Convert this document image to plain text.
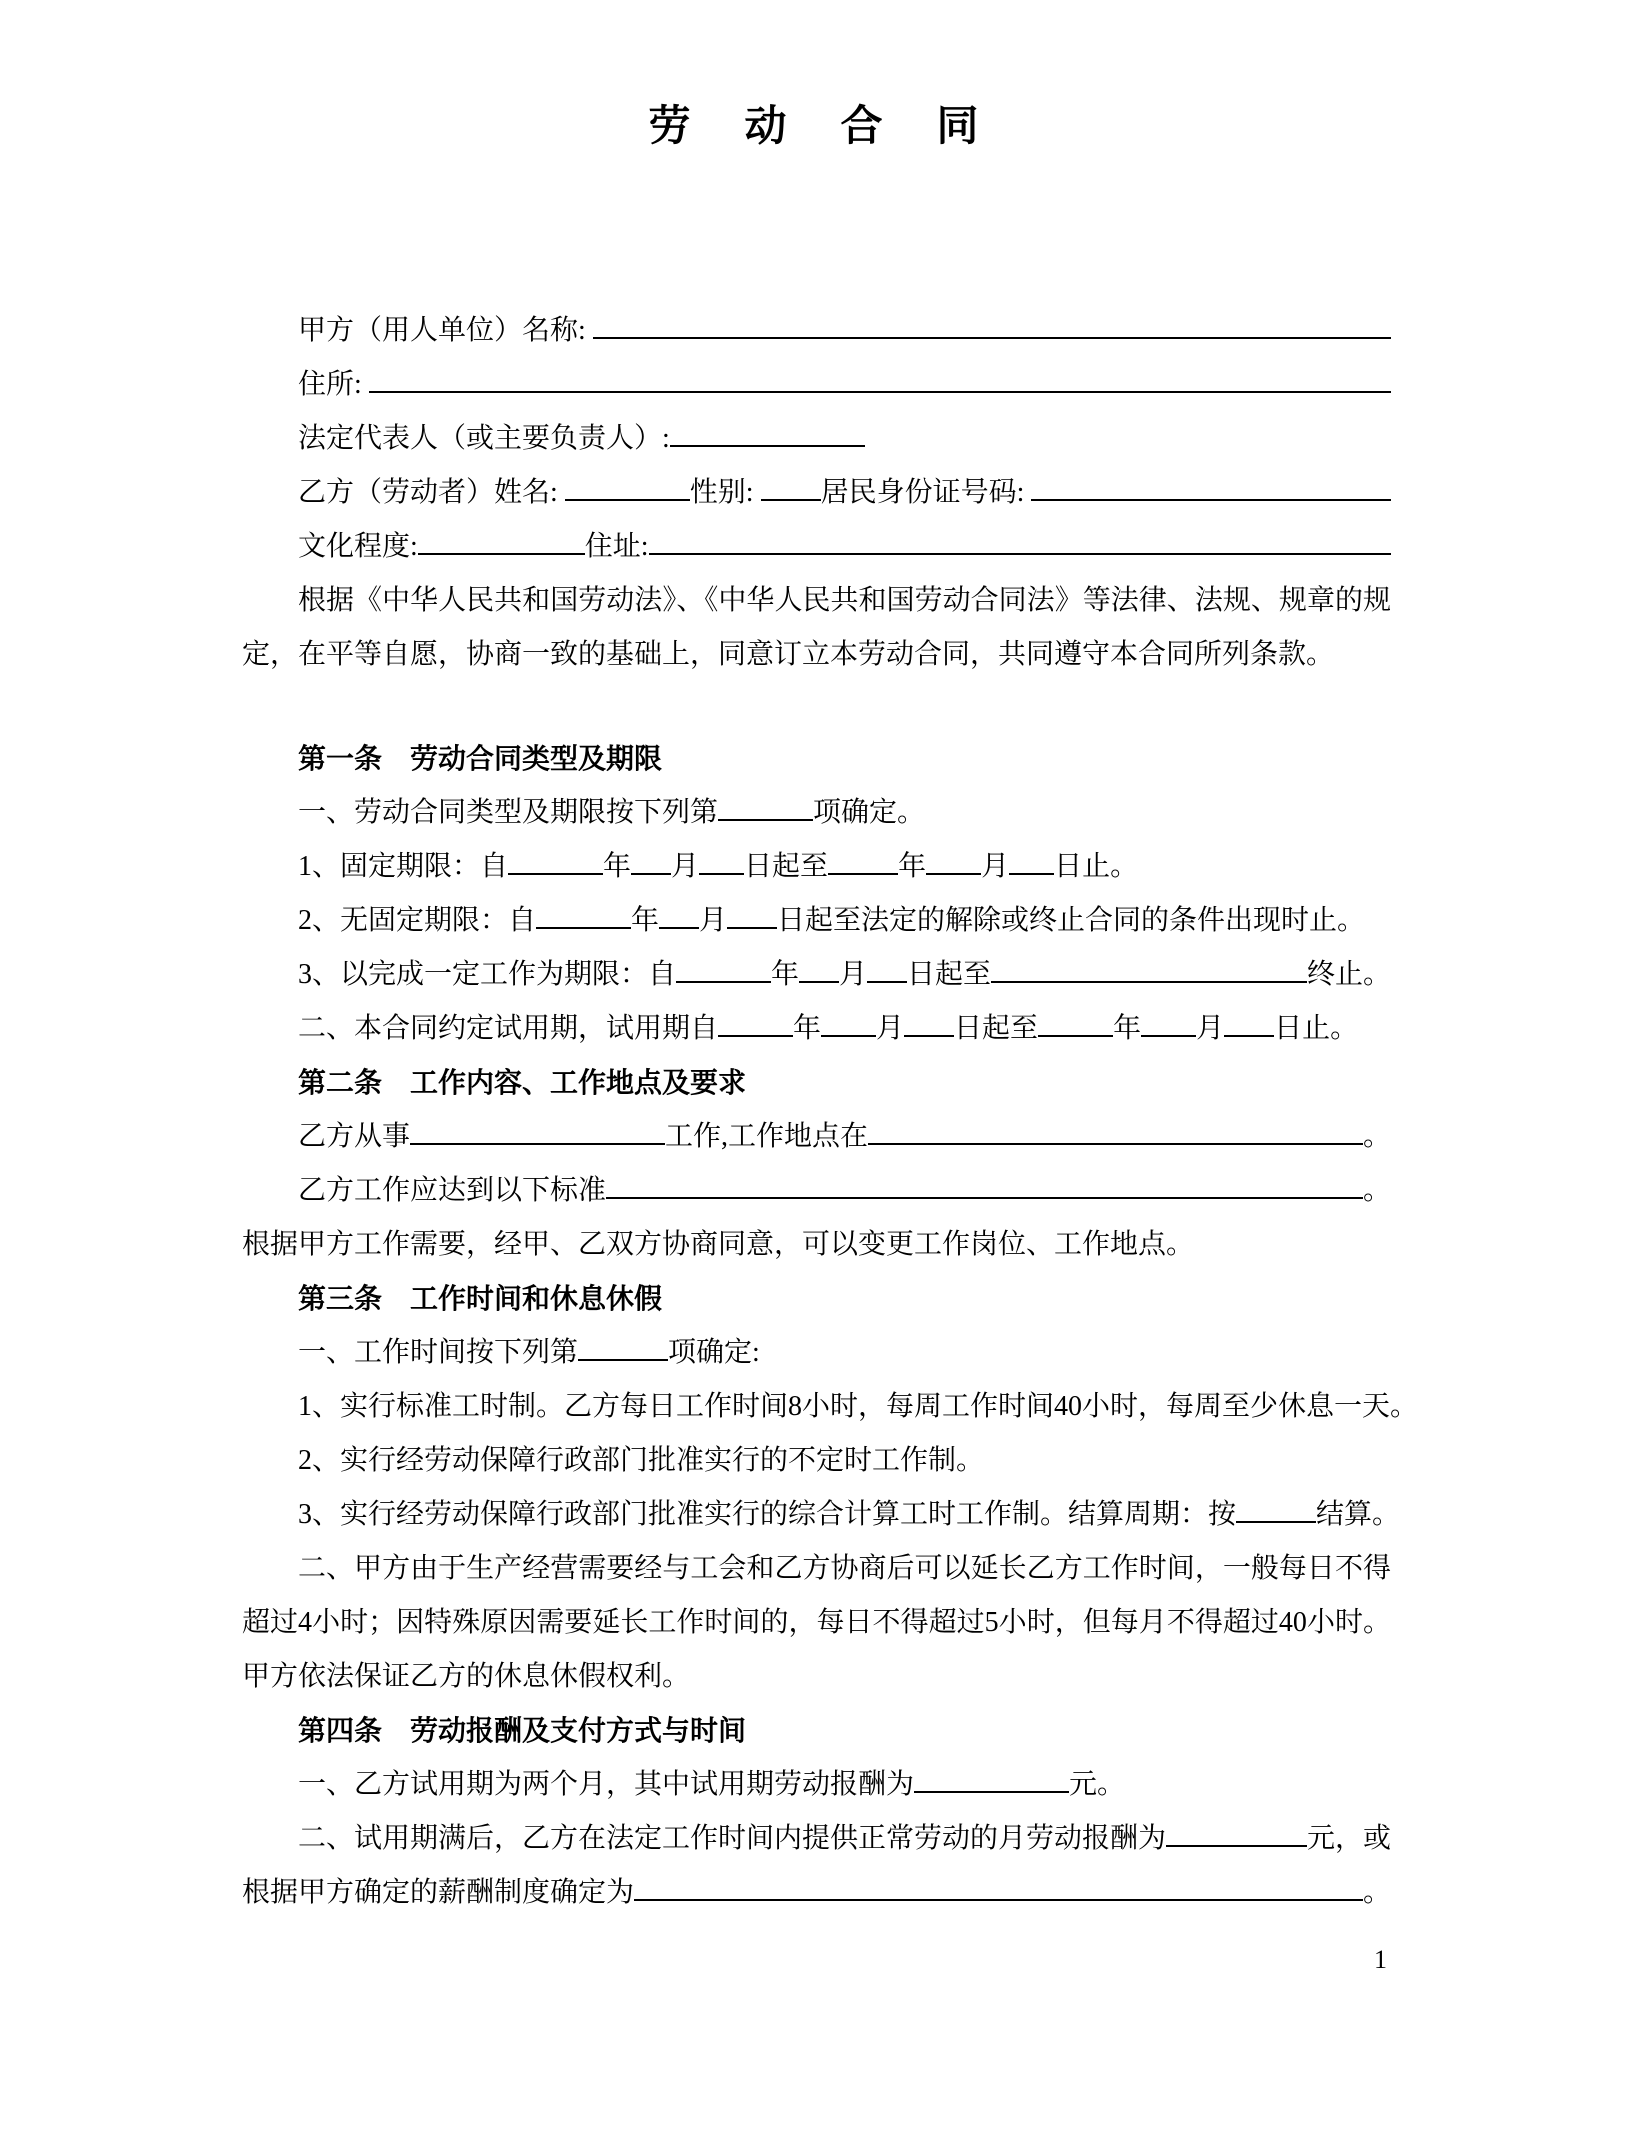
劳　动　合　同
甲方（用人单位）名称:
住所:
法定代表人（或主要负责人）:
乙方（劳动者）姓名:	性别: 居民身份证号码:
文化程度:	住址:

根据《中华人民共和国劳动法》、《中华人民共和国劳动合同法》等法律、法规、规章的规定，在平等自愿，协商一致的基础上，同意订立本劳动合同，共同遵守本合同所列条款。

第一条　劳动合同类型及期限
一、劳动合同类型及期限按下列第	项确定。
1、固定期限：自	年 月 日起至	年 月 日止。
2、无固定期限：自	年 月 日起至法定的解除或终止合同的条件出现时止。
3、以完成一定工作为期限：自	年 月 日起至	终止。
二、本合同约定试用期，试用期自	年 月 日起至	年 月 日止。
第二条　工作内容、工作地点及要求
乙方从事	工作,工作地点在	。
乙方工作应达到以下标准	。
根据甲方工作需要，经甲、乙双方协商同意，可以变更工作岗位、工作地点。
第三条　工作时间和休息休假
一、工作时间按下列第	项确定:
1、实行标准工时制。乙方每日工作时间8小时，每周工作时间40小时，每周至少休息一天。
2、实行经劳动保障行政部门批准实行的不定时工作制。
3、实行经劳动保障行政部门批准实行的综合计算工时工作制。结算周期：按	结算。

二、甲方由于生产经营需要经与工会和乙方协商后可以延长乙方工作时间，一般每日不得超过4小时；因特殊原因需要延长工作时间的，每日不得超过5小时，但每月不得超过40小时。甲方依法保证乙方的休息休假权利。

第四条　劳动报酬及支付方式与时间
一、乙方试用期为两个月，其中试用期劳动报酬为	元。
二、试用期满后，乙方在法定工作时间内提供正常劳动的月劳动报酬为	元，或
根据甲方确定的薪酬制度确定为	。
1
